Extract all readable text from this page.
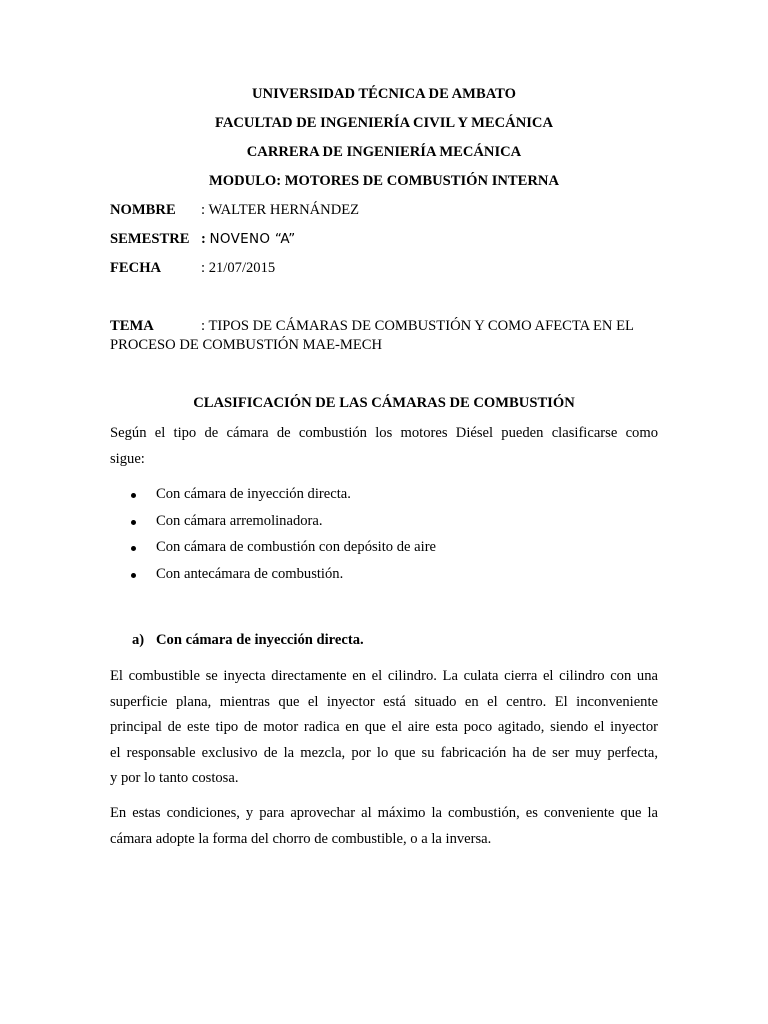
UNIVERSIDAD TÉCNICA DE AMBATO
FACULTAD DE INGENIERÍA CIVIL Y MECÁNICA
CARRERA DE INGENIERÍA MECÁNICA
MODULO: MOTORES DE COMBUSTIÓN INTERNA
NOMBRE : WALTER HERNÁNDEZ
SEMESTRE : NOVENO “A”
FECHA	: 21/07/2015
TEMA	: TIPOS DE CÁMARAS DE COMBUSTIÓN Y COMO AFECTA EN EL
PROCESO DE COMBUSTIÓN MAE-MECH
CLASIFICACIÓN DE LAS CÁMARAS DE COMBUSTIÓN
Según el tipo de cámara de combustión los motores Diésel pueden clasificarse como
sigue:
Con cámara de inyección directa.
Con cámara arremolinadora.
Con cámara de combustión con depósito de aire
Con antecámara de combustión.
a) Con cámara de inyección directa.
El combustible se inyecta directamente en el cilindro. La culata cierra el cilindro con una
superficie plana, mientras que el inyector está situado en el centro. El inconveniente
principal de este tipo de motor radica en que el aire esta poco agitado, siendo el inyector
el responsable exclusivo de la mezcla, por lo que su fabricación ha de ser muy perfecta,
y por lo tanto costosa.
En estas condiciones, y para aprovechar al máximo la combustión, es conveniente que la
cámara adopte la forma del chorro de combustible, o a la inversa.
